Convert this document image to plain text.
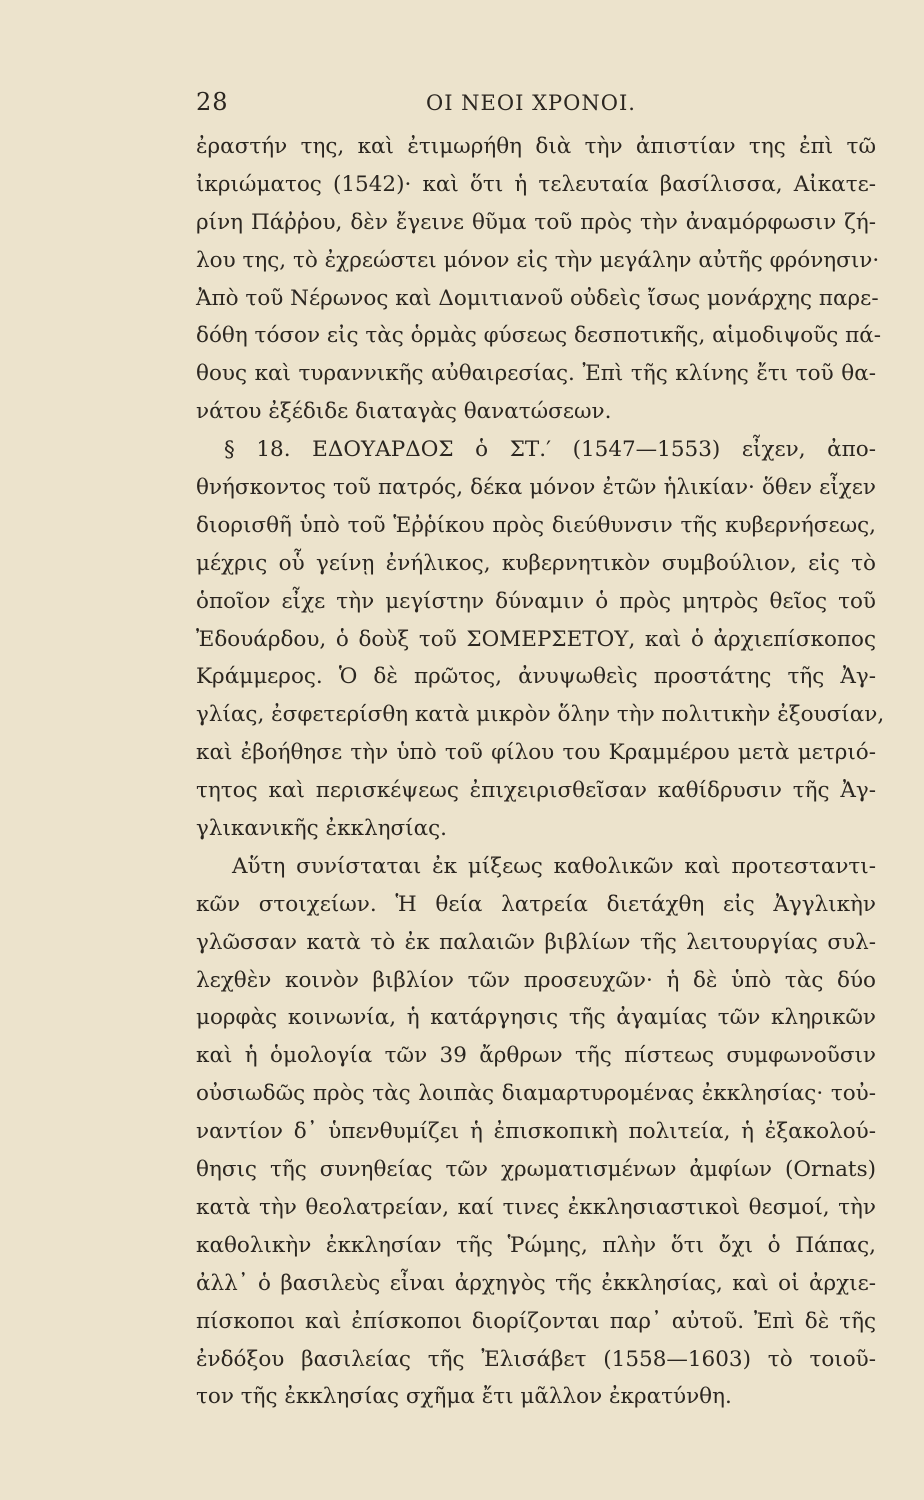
28	ΟΙ ΝΕΟΙ ΧΡΟΝΟΙ.
ἐραστήν της, καὶ ἐτιμωρήθη διὰ τὴν ἀπιστίαν της ἐπὶ τῶ
ἰκριώματος (1542)· καὶ ὅτι ἡ τελευταία βασίλισσα, Αἰκατε-
ρίνη Πάῤῥου, δὲν ἔγεινε θῦμα τοῦ πρὸς τὴν ἀναμόρφωσιν ζή-
λου της, τὸ ἐχρεώστει μόνον εἰς τὴν μεγάλην αὐτῆς φρόνησιν·
Ἀπὸ τοῦ Νέρωνος καὶ Δομιτιανοῦ οὐδεὶς ἴσως μονάρχης παρε-
δόθη τόσον εἰς τὰς ὁρμὰς φύσεως δεσποτικῆς, αἱμοδιψοῦς πά-
θους καὶ τυραννικῆς αὐθαιρεσίας. Ἐπὶ τῆς κλίνης ἔτι τοῦ θα-
νάτου ἐξέδιδε διαταγὰς θανατώσεων.
§ 18. ΕΔΟΥΑΡΔΟΣ ὁ ΣΤ.′ (1547—1553) εἶχεν, ἀπο-
θνήσκοντος τοῦ πατρός, δέκα μόνον ἐτῶν ἡλικίαν· ὅθεν εἶχεν
διορισθῆ ὑπὸ τοῦ Ἑῤῥίκου πρὸς διεύθυνσιν τῆς κυβερνήσεως,
μέχρις οὗ γείνῃ ἐνήλικος, κυβερνητικὸν συμβούλιον, εἰς τὸ
ὁποῖον εἶχε τὴν μεγίστην δύναμιν ὁ πρὸς μητρὸς θεῖος τοῦ
Ἐδουάρδου, ὁ δοὺξ τοῦ ΣΟΜΕΡΣΕΤΟΥ, καὶ ὁ ἀρχιεπίσκοπος
Κράμμερος. Ὁ δὲ πρῶτος, ἀνυψωθεὶς προστάτης τῆς Ἀγ-
γλίας, ἐσφετερίσθη κατὰ μικρὸν ὅλην τὴν πολιτικὴν ἐξουσίαν,
καὶ ἐβοήθησε τὴν ὑπὸ τοῦ φίλου του Κραμμέρου μετὰ μετριό-
τητος καὶ περισκέψεως ἐπιχειρισθεῖσαν καθίδρυσιν τῆς Ἀγ-
γλικανικῆς ἐκκλησίας.
Αὕτη συνίσταται ἐκ μίξεως καθολικῶν καὶ προτεσταντι-
κῶν στοιχείων. Ἡ θεία λατρεία διετάχθη εἰς Ἀγγλικὴν
γλῶσσαν κατὰ τὸ ἐκ παλαιῶν βιβλίων τῆς λειτουργίας συλ-
λεχθὲν κοινὸν βιβλίον τῶν προσευχῶν· ἡ δὲ ὑπὸ τὰς δύο
μορφὰς κοινωνία, ἡ κατάργησις τῆς ἀγαμίας τῶν κληρικῶν
καὶ ἡ ὁμολογία τῶν 39 ἄρθρων τῆς πίστεως συμφωνοῦσιν
οὐσιωδῶς πρὸς τὰς λοιπὰς διαμαρτυρομένας ἐκκλησίας· τοὐ-
ναντίον δ᾽ ὑπενθυμίζει ἡ ἐπισκοπικὴ πολιτεία, ἡ ἐξακολού-
θησις τῆς συνηθείας τῶν χρωματισμένων ἀμφίων (Ornats)
κατὰ τὴν θεολατρείαν, καί τινες ἐκκλησιαστικοὶ θεσμοί, τὴν
καθολικὴν ἐκκλησίαν τῆς Ῥώμης, πλὴν ὅτι ὄχι ὁ Πάπας,
ἀλλ᾽ ὁ βασιλεὺς εἶναι ἀρχηγὸς τῆς ἐκκλησίας, καὶ οἱ ἀρχιε-
πίσκοποι καὶ ἐπίσκοποι διορίζονται παρ᾽ αὐτοῦ. Ἐπὶ δὲ τῆς
ἐνδόξου βασιλείας τῆς Ἐλισάβετ (1558—1603) τὸ τοιοῦ-
τον τῆς ἐκκλησίας σχῆμα ἔτι μᾶλλον ἐκρατύνθη.
